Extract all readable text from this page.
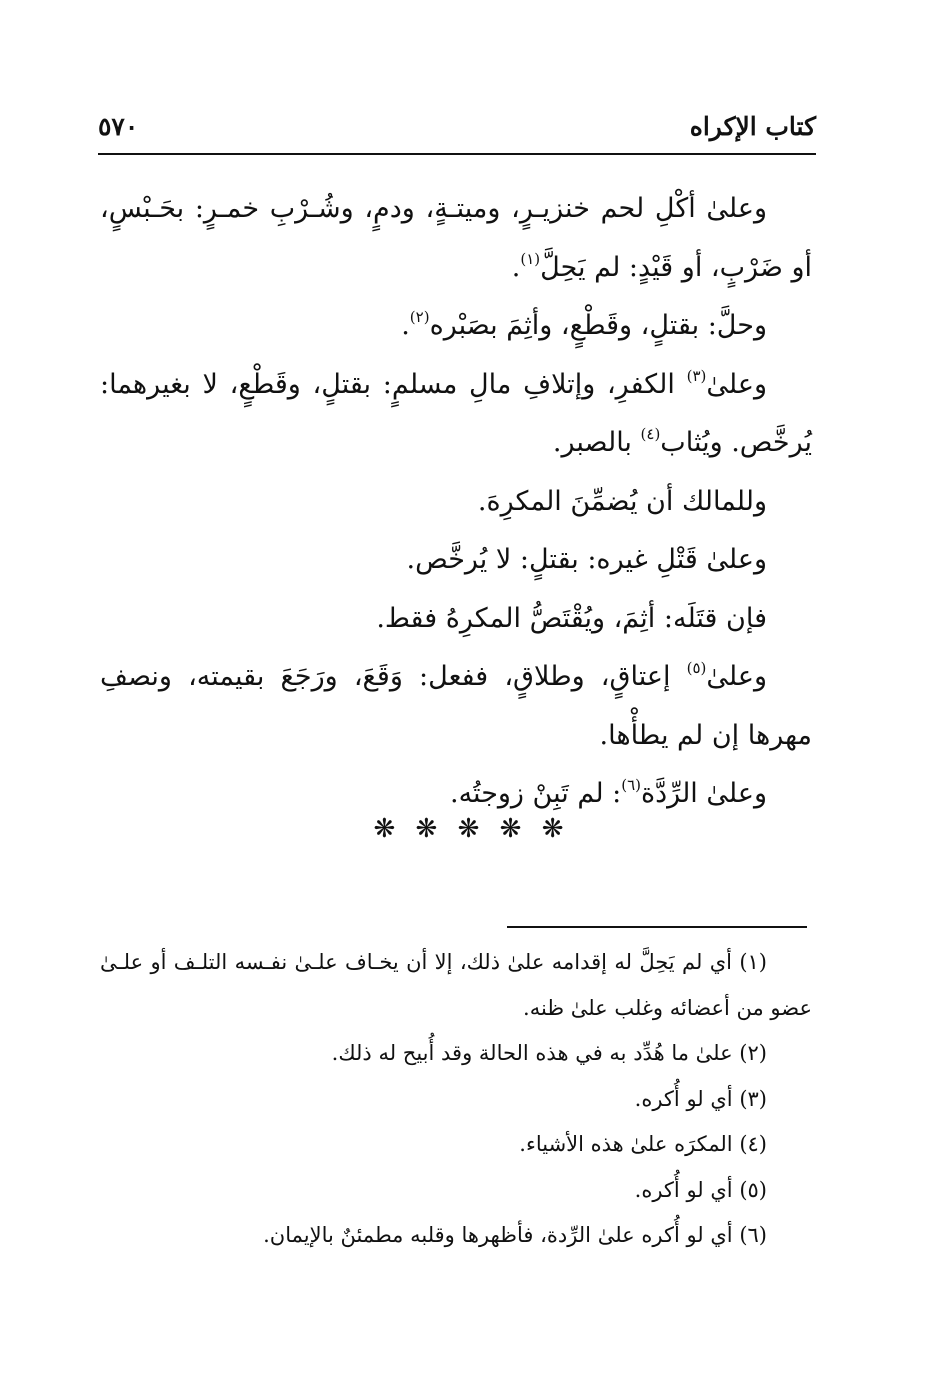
كتاب الإكراه
٥٧٠

وعلىٰ أكْلِ لحم خنزيـرٍ، وميتـةٍ، ودمٍ، وشُـرْبِ خمـرٍ: بحَـبْسٍ، أو ضَرْبٍ، أو قَيْدٍ: لم يَحِلَّ$^{(١)}$.

وحلَّ: بقتلٍ، وقَطْعٍ، وأثِمَ بصَبْره$^{(٢)}$.

وعلىٰ$^{(٣)}$ الكفرِ، وإتلافِ مالِ مسلمٍ: بقتلٍ، وقَطْعٍ، لا بغيرهما: يُرخَّص. ويُثاب$^{(٤)}$ بالصبر.

وللمالك أن يُضمِّنَ المكرِهَ.

وعلىٰ قَتْلِ غيره: بقتلٍ: لا يُرخَّص.

فإن قتَلَه: أثِمَ، ويُقْتَصُّ المكرِهُ فقط.

وعلىٰ$^{(٥)}$ إعتاقٍ، وطلاقٍ، ففعل: وَقَعَ، ورَجَعَ بقيمته، ونصفِ مهرها إن لم يطأْها.

وعلىٰ الرِّدَّة$^{(٦)}$: لم تَبِنْ زوجتُه.

❋ ❋ ❋ ❋ ❋

(١) أي لم يَحِلَّ له إقدامه علىٰ ذلك، إلا أن يخـاف علـىٰ نفـسه التلـف أو علـىٰ عضو من أعضائه وغلب علىٰ ظنه.

(٢) علىٰ ما هُدِّد به في هذه الحالة وقد أُبيح له ذلك.

(٣) أي لو أُكره.

(٤) المكرَه علىٰ هذه الأشياء.

(٥) أي لو أُكره.

(٦) أي لو أُكره علىٰ الرِّدة، فأظهرها وقلبه مطمئنٌ بالإيمان.
